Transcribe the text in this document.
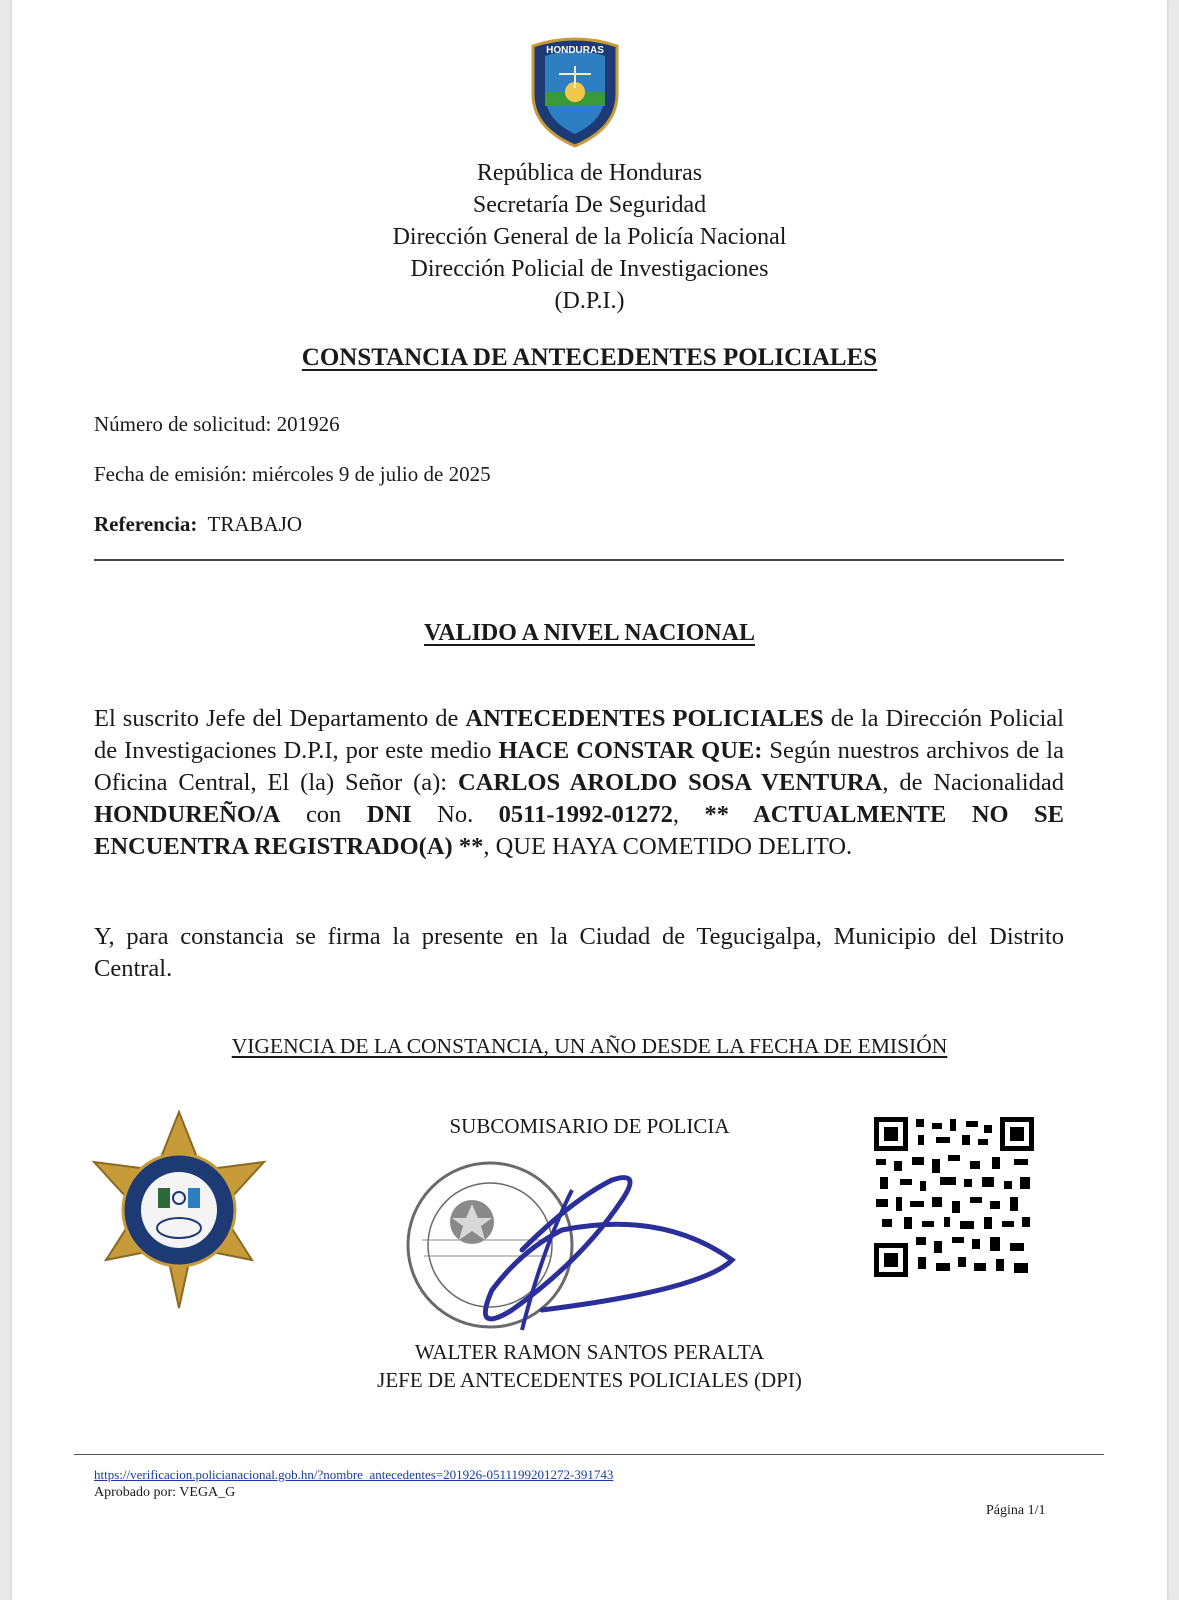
HONDURAS
República de Honduras
Secretaría De Seguridad
Dirección General de la Policía Nacional
Dirección Policial de Investigaciones
(D.P.I.)
CONSTANCIA DE ANTECEDENTES POLICIALES
Número de solicitud: 201926
Fecha de emisión: miércoles 9 de julio de 2025
Referencia: TRABAJO
VALIDO A NIVEL NACIONAL
El suscrito Jefe del Departamento de ANTECEDENTES POLICIALES de la Dirección Policial de Investigaciones D.P.I, por este medio HACE CONSTAR QUE: Según nuestros archivos de la Oficina Central, El (la) Señor (a): CARLOS AROLDO SOSA VENTURA, de Nacionalidad HONDUREÑO/A con DNI No. 0511-1992-01272, ** ACTUALMENTE NO SE ENCUENTRA REGISTRADO(A) **, QUE HAYA COMETIDO DELITO.
Y, para constancia se firma la presente en la Ciudad de Tegucigalpa, Municipio del Distrito Central.
VIGENCIA DE LA CONSTANCIA, UN AÑO DESDE LA FECHA DE EMISIÓN
SUBCOMISARIO DE POLICIA
WALTER RAMON SANTOS PERALTA
JEFE DE ANTECEDENTES POLICIALES (DPI)
https://verificacion.policianacional.gob.hn/?nombre_antecedentes=201926-0511199201272-391743
Aprobado por: VEGA_G
Página 1/1
